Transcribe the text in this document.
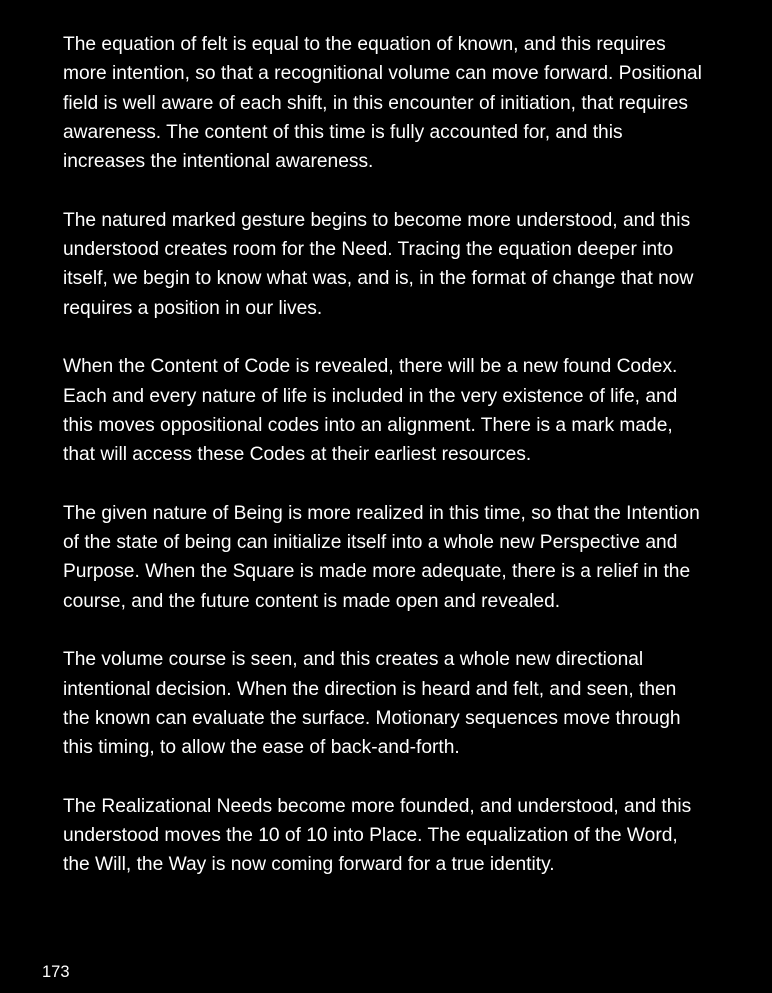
The equation of felt is equal to the equation of known, and this requires
more intention, so that a recognitional volume can move forward. Positional
field is well aware of each shift, in this encounter of initiation, that requires
awareness. The content of this time is fully accounted for, and this
increases the intentional awareness.

The natured marked gesture begins to become more understood, and this
understood creates room for the Need. Tracing the equation deeper into
itself, we begin to know what was, and is, in the format of change that now
requires a position in our lives.

When the Content of Code is revealed, there will be a new found Codex.
Each and every nature of life is included in the very existence of life, and
this moves oppositional codes into an alignment. There is a mark made,
that will access these Codes at their earliest resources.

The given nature of Being is more realized in this time, so that the Intention
of the state of being can initialize itself into a whole new Perspective and
Purpose. When the Square is made more adequate, there is a relief in the
course, and the future content is made open and revealed.

The volume course is seen, and this creates a whole new directional
intentional decision. When the direction is heard and felt, and seen, then
the known can evaluate the surface. Motionary sequences move through
this timing, to allow the ease of back-and-forth.

The Realizational Needs become more founded, and understood, and this
understood moves the 10 of 10 into Place. The equalization of the Word,
the Will, the Way is now coming forward for a true identity.

173
